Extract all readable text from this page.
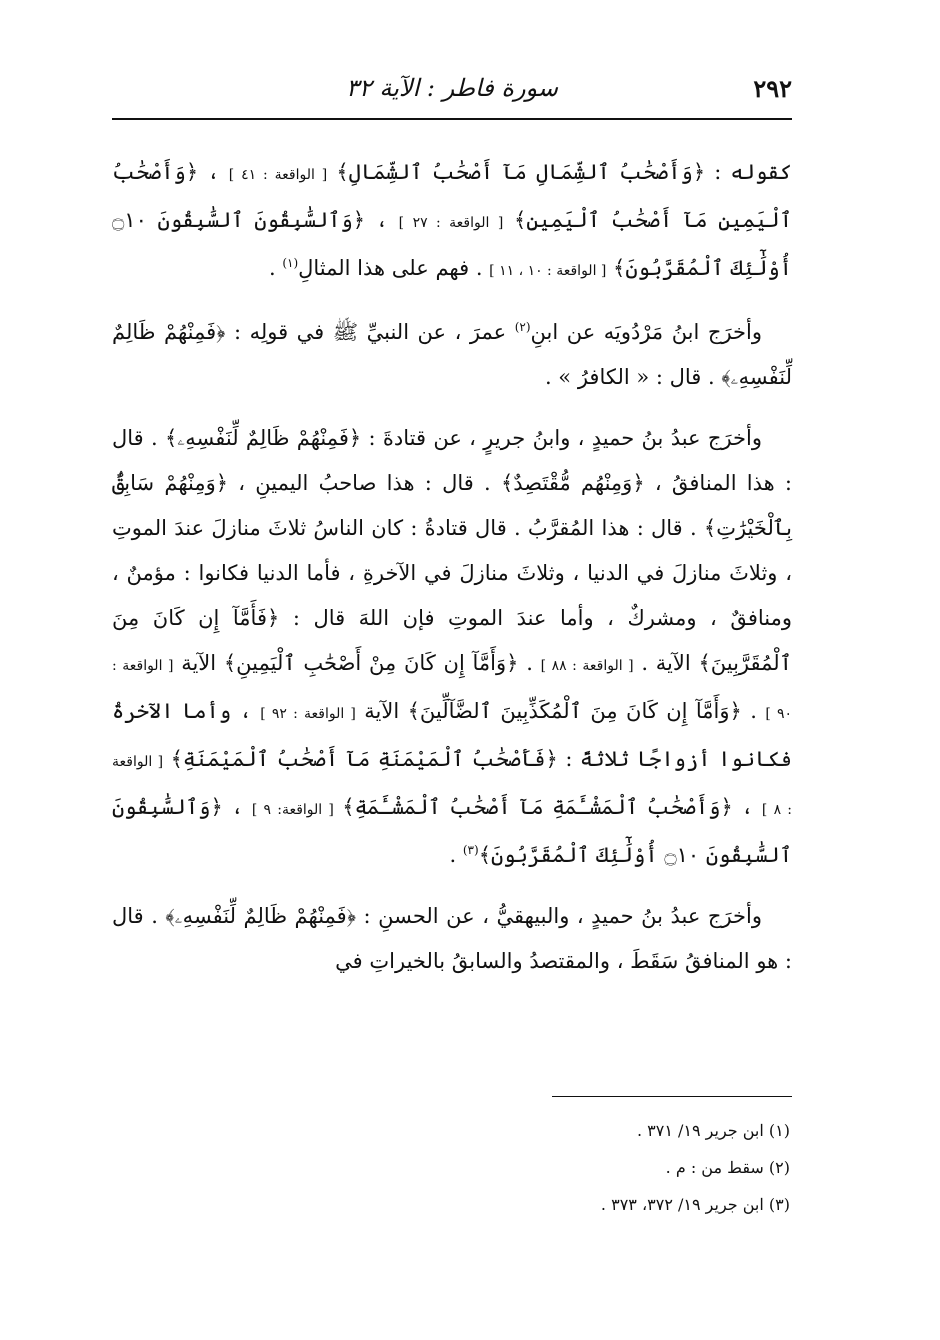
٢٩٢
سورة فاطر : الآية ٣٢

كقوله : ﴿وَأَصْحَٰبُ ٱلشِّمَالِ مَآ أَصْحَٰبُ ٱلشِّمَالِ﴾ [ الواقعة : ٤١ ] ، ﴿وَأَصْحَٰبُ ٱلْيَمِينِ مَآ أَصْحَٰبُ ٱلْيَمِينِ﴾ [ الواقعة : ٢٧ ] ، ﴿وَٱلسَّٰبِقُونَ ٱلسَّٰبِقُونَ ۝١٠ أُوْلَٰٓئِكَ ٱلْمُقَرَّبُونَ﴾ [ الواقعة : ١٠ ، ١١ ] . فهم على هذا المثالِ$^{(١)}$ .

وأخرَج ابنُ مَرْدُويَه عن ابنِ$^{(٢)}$ عمرَ ، عن النبيِّ ﷺ في قولِه : ﴿فَمِنْهُمْ ظَالِمٌ لِّنَفْسِهِۦ﴾ . قال : « الكافرُ » .

وأخرَج عبدُ بنُ حميدٍ ، وابنُ جريرٍ ، عن قتادةَ : ﴿فَمِنْهُمْ ظَالِمٌ لِّنَفْسِهِۦ﴾ . قال : هذا المنافقُ ، ﴿وَمِنْهُم مُّقْتَصِدٌ﴾ . قال : هذا صاحبُ اليمينِ ، ﴿وَمِنْهُمْ سَابِقٌۢ بِٱلْخَيْرَٰتِ﴾ . قال : هذا المُقرَّبُ . قال قتادةُ : كان الناسُ ثلاثَ منازلَ عندَ الموتِ ، وثلاثَ منازلَ في الدنيا ، وثلاثَ منازلَ في الآخرةِ ، فأما الدنيا فكانوا : مؤمنٌ ، ومنافقٌ ، ومشركٌ ، وأما عندَ الموتِ فإن اللهَ قال : ﴿فَأَمَّآ إِن كَانَ مِنَ ٱلْمُقَرَّبِينَ﴾ الآية . [ الواقعة : ٨٨ ] . ﴿وَأَمَّآ إِن كَانَ مِنْ أَصْحَٰبِ ٱلْيَمِينِ﴾ الآية [ الواقعة : ٩٠ ] . ﴿وَأَمَّآ إِن كَانَ مِنَ ٱلْمُكَذِّبِينَ ٱلضَّآلِّينَ﴾ الآية [ الواقعة : ٩٢ ] ، وأما الآخرةُ فكانوا أزواجًا ثلاثةً : ﴿فَأَصْحَٰبُ ٱلْمَيْمَنَةِ مَآ أَصْحَٰبُ ٱلْمَيْمَنَةِ﴾ [ الواقعة : ٨ ] ، ﴿وَأَصْحَٰبُ ٱلْمَشْـَٔمَةِ مَآ أَصْحَٰبُ ٱلْمَشْـَٔمَةِ﴾ [ الواقعة: ٩ ] ، ﴿وَٱلسَّٰبِقُونَ ٱلسَّٰبِقُونَ ۝١٠ أُوْلَٰٓئِكَ ٱلْمُقَرَّبُونَ﴾$^{(٣)}$ .

وأخرَج عبدُ بنُ حميدٍ ، والبيهقيُّ ، عن الحسنِ : ﴿فَمِنْهُمْ ظَالِمٌ لِّنَفْسِهِۦ﴾ . قال : هو المنافقُ سَقَطَ ، والمقتصدُ والسابقُ بالخيراتِ في

(١) ابن جرير ١٩/ ٣٧١ .

(٢) سقط من : م .

(٣) ابن جرير ١٩/ ٣٧٢، ٣٧٣ .
